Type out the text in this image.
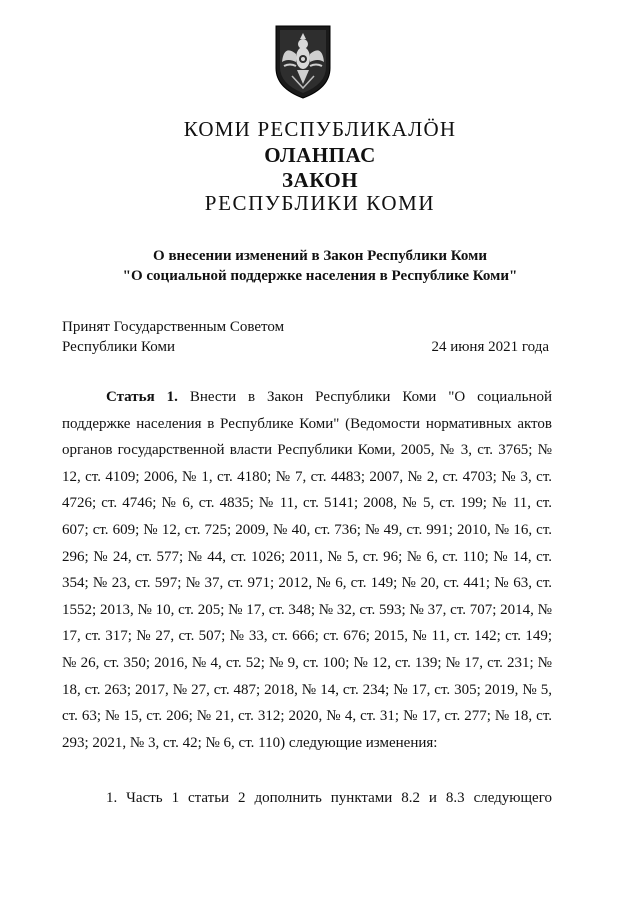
КОМИ РЕСПУБЛИКАЛÖН
ОЛАНПАС
ЗАКОН
РЕСПУБЛИКИ КОМИ
О внесении изменений в Закон Республики Коми
"О социальной поддержке населения в Республике Коми"
Принят Государственным Советом
Республики Коми	24 июня 2021 года

Статья 1. Внести в Закон Республики Коми "О социальной поддержке населения в Республике Коми" (Ведомости нормативных актов органов государственной власти Республики Коми, 2005, № 3, ст. 3765; № 12, ст. 4109; 2006, № 1, ст. 4180; № 7, ст. 4483; 2007, № 2, ст. 4703; № 3, ст. 4726; ст. 4746; № 6, ст. 4835; № 11, ст. 5141; 2008, № 5, ст. 199; № 11, ст. 607; ст. 609; № 12, ст. 725; 2009, № 40, ст. 736; № 49, ст. 991; 2010, № 16, ст. 296; № 24, ст. 577; № 44, ст. 1026; 2011, № 5, ст. 96; № 6, ст. 110; № 14, ст. 354; № 23, ст. 597; № 37, ст. 971; 2012, № 6, ст. 149; № 20, ст. 441; № 63, ст. 1552; 2013, № 10, ст. 205; № 17, ст. 348; № 32, ст. 593; № 37, ст. 707; 2014, № 17, ст. 317; № 27, ст. 507; № 33, ст. 666; ст. 676; 2015, № 11, ст. 142; ст. 149; № 26, ст. 350; 2016, № 4, ст. 52; № 9, ст. 100; № 12, ст. 139; № 17, ст. 231; № 18, ст. 263; 2017, № 27, ст. 487; 2018, № 14, ст. 234; № 17, ст. 305; 2019, № 5, ст. 63; № 15, ст. 206; № 21, ст. 312; 2020, № 4, ст. 31; № 17, ст. 277; № 18, ст. 293; 2021, № 3, ст. 42; № 6, ст. 110) следующие изменения:

1. Часть 1 статьи 2 дополнить пунктами 8.2 и 8.3 следующего
